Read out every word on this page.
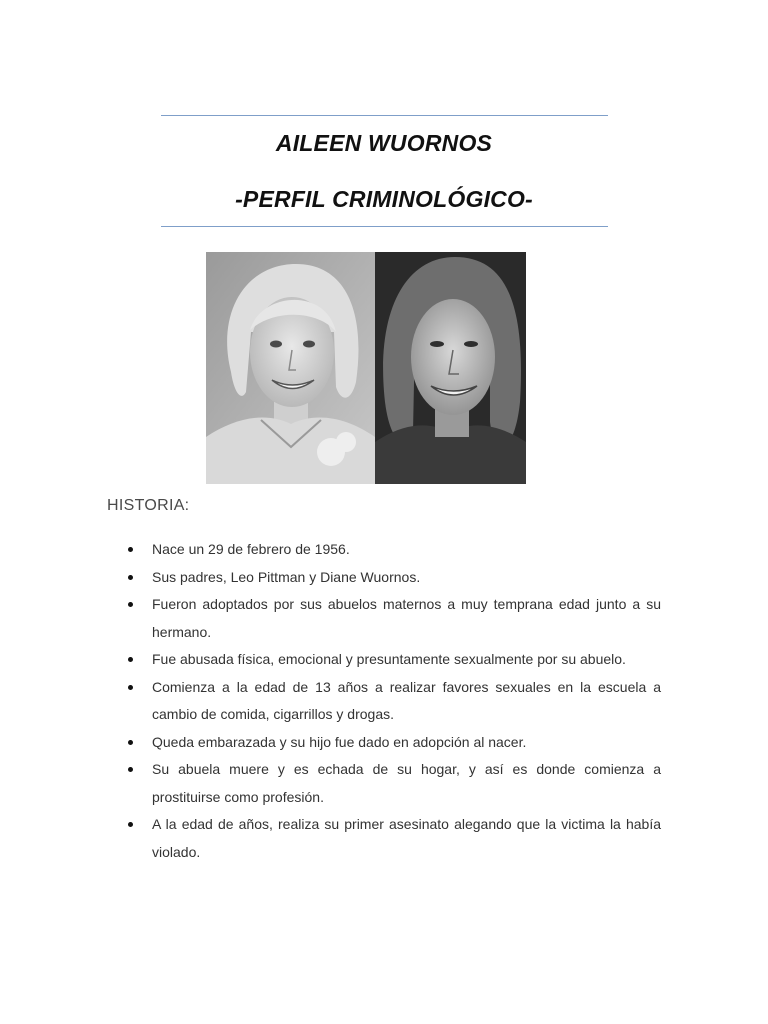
AILEEN WUORNOS
-PERFIL CRIMINOLÓGICO-
HISTORIA:
Nace un 29 de febrero de 1956.
Sus padres, Leo Pittman y Diane Wuornos.
Fueron adoptados por sus abuelos maternos a muy temprana edad junto a su hermano.
Fue abusada física, emocional y presuntamente sexualmente por su abuelo.
Comienza a la edad de 13 años a realizar favores sexuales en la escuela a cambio de comida, cigarrillos y drogas.
Queda embarazada y su hijo fue dado en adopción al nacer.
Su abuela muere y es echada de su hogar, y así es donde comienza a prostituirse como profesión.
A la edad de años, realiza su primer asesinato alegando que la victima la había violado.
